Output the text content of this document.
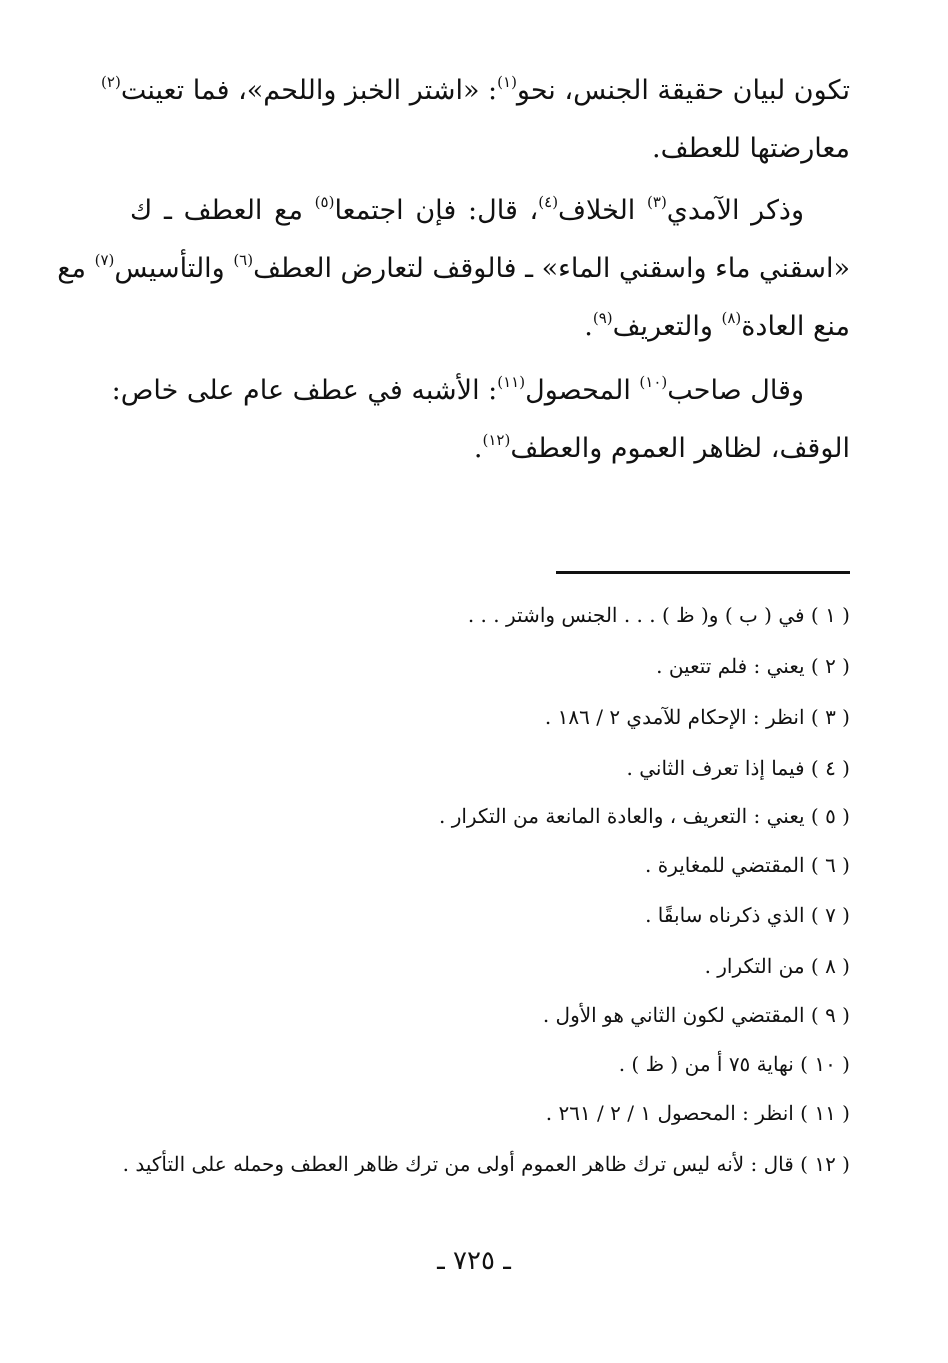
تكون لبيان حقيقة الجنس، نحو$^{(١)}$: «اشتر الخبز واللحم»، فما تعينت$^{(٢)}$
معارضتها للعطف.
وذكر الآمدي$^{(٣)}$ الخلاف$^{(٤)}$، قال: فإن اجتمعا$^{(٥)}$ مع العطف ـ ك
«اسقني ماء واسقني الماء» ـ فالوقف لتعارض العطف$^{(٦)}$ والتأسيس$^{(٧)}$ مع
منع العادة$^{(٨)}$ والتعريف$^{(٩)}$.
وقال صاحب$^{(١٠)}$ المحصول$^{(١١)}$: الأشبه في عطف عام على خاص:
الوقف، لظاهر العموم والعطف$^{(١٢)}$.
( ١ ) في ( ب ) و( ظ ) . . . الجنس واشتر . . .
( ٢ ) يعني : فلم تتعين .
( ٣ ) انظر : الإحكام للآمدي ٢ / ١٨٦ .
( ٤ ) فيما إذا تعرف الثاني .
( ٥ ) يعني : التعريف ، والعادة المانعة من التكرار .
( ٦ ) المقتضي للمغايرة .
( ٧ ) الذي ذكرناه سابقًا .
( ٨ ) من التكرار .
( ٩ ) المقتضي لكون الثاني هو الأول .
( ١٠ ) نهاية ٧٥ أ من ( ظ ) .
( ١١ ) انظر : المحصول ١ / ٢ / ٢٦١ .
( ١٢ ) قال : لأنه ليس ترك ظاهر العموم أولى من ترك ظاهر العطف وحمله على التأكيد .
ـ ٧٢٥ ـ
